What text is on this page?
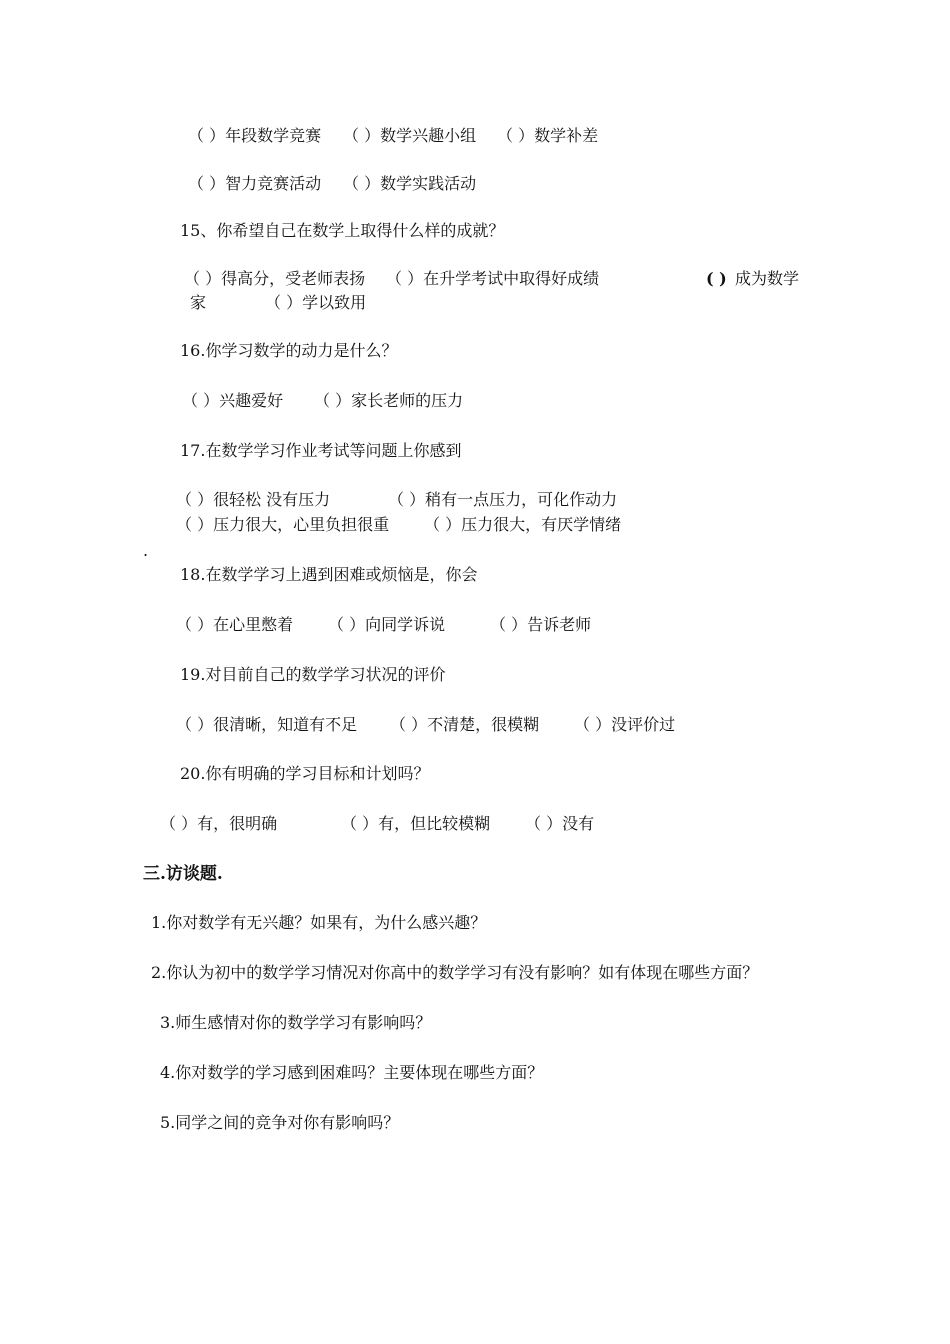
（ ）年段数学竞赛 （ ）数学兴趣小组 （ ）数学补差
（ ）智力竞赛活动 （ ）数学实践活动
15、你希望自己在数学上取得什么样的成就？
（ ）得高分，受老师表扬 （ ）在升学考试中取得好成绩	( ) 成为数学
家	（ ）学以致用
16.你学习数学的动力是什么？
（ ）兴趣爱好 （ ）家长老师的压力
17.在数学学习作业考试等问题上你感到
（ ）很轻松 没有压力	（ ）稍有一点压力，可化作动力
（ ）压力很大，心里负担很重 （ ）压力很大，有厌学情绪
.
18.在数学学习上遇到困难或烦恼是，你会
（ ）在心里憋着 （ ）向同学诉说	（ ）告诉老师
19.对目前自己的数学学习状况的评价
（ ）很清晰，知道有不足 （ ）不清楚，很模糊 （ ）没评价过
20.你有明确的学习目标和计划吗？
（ ）有，很明确	（ ）有，但比较模糊 （ ）没有
三.访谈题.
1.你对数学有无兴趣？如果有，为什么感兴趣？
2.你认为初中的数学学习情况对你高中的数学学习有没有影响？如有体现在哪些方面？
3.师生感情对你的数学学习有影响吗？
4.你对数学的学习感到困难吗？主要体现在哪些方面？
5.同学之间的竞争对你有影响吗？
